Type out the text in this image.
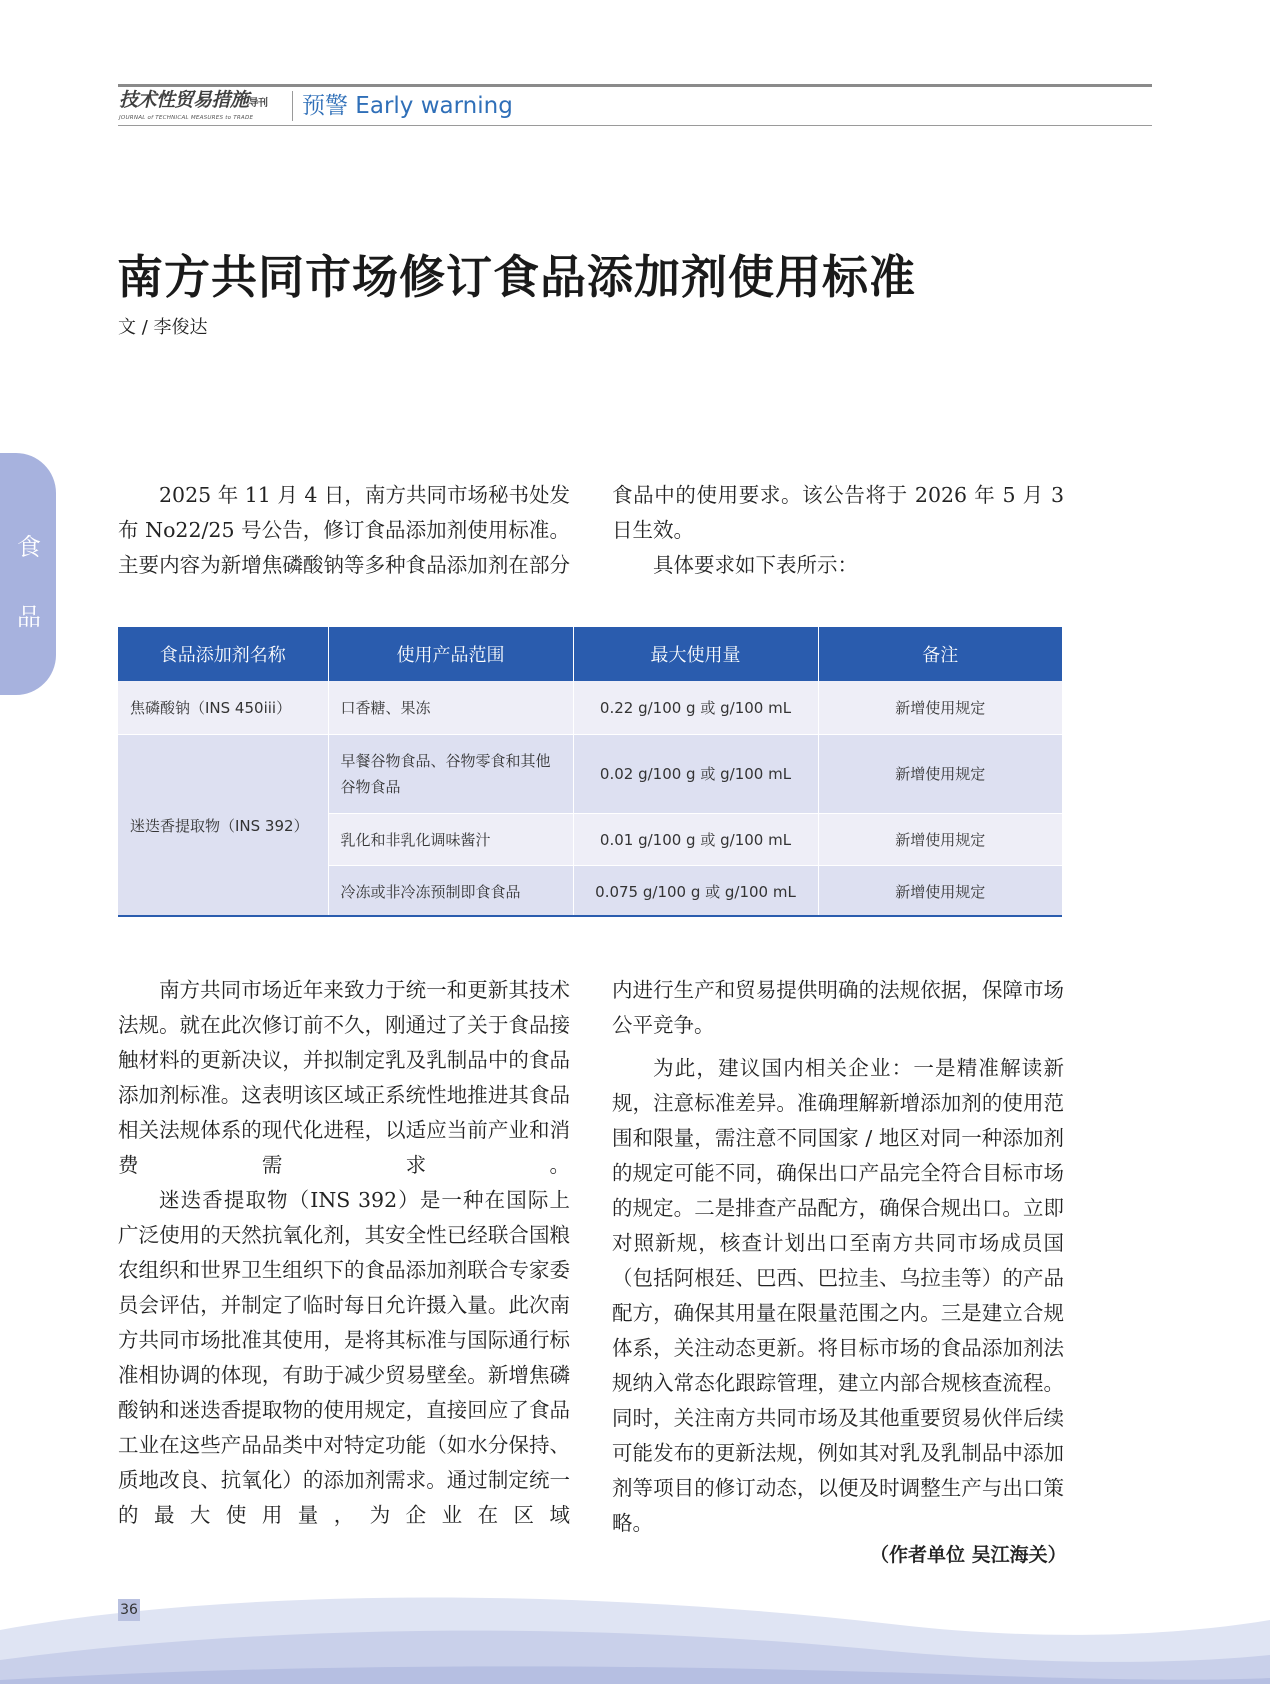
技术性贸易措施导刊
JOURNAL of TECHNICAL MEASURES to TRADE	预警 Early warning
食
品
南方共同市场修订食品添加剂使用标准
文 / 李俊达

2025 年 11 月 4 日，南方共同市场秘书处发布 No22/25 号公告，修订食品添加剂使用标准。主要内容为新增焦磷酸钠等多种食品添加剂在部分

食品中的使用要求。该公告将于 2026 年 5 月 3 日生效。

具体要求如下表所示：

食品添加剂名称	使用产品范围	最大使用量	备注
焦磷酸钠（INS 450iii）	口香糖、果冻	0.22 g/100 g 或 g/100 mL	新增使用规定
迷迭香提取物（INS 392）	早餐谷物食品、谷物零食和其他谷物食品	0.02 g/100 g 或 g/100 mL	新增使用规定
	乳化和非乳化调味酱汁	0.01 g/100 g 或 g/100 mL	新增使用规定
	冷冻或非冷冻预制即食食品	0.075 g/100 g 或 g/100 mL	新增使用规定

南方共同市场近年来致力于统一和更新其技术法规。就在此次修订前不久，刚通过了关于食品接触材料的更新决议，并拟制定乳及乳制品中的食品添加剂标准。这表明该区域正系统性地推进其食品相关法规体系的现代化进程，以适应当前产业和消费需求。

迷迭香提取物（INS 392）是一种在国际上广泛使用的天然抗氧化剂，其安全性已经联合国粮农组织和世界卫生组织下的食品添加剂联合专家委员会评估，并制定了临时每日允许摄入量。此次南方共同市场批准其使用，是将其标准与国际通行标准相协调的体现，有助于减少贸易壁垒。新增焦磷酸钠和迷迭香提取物的使用规定，直接回应了食品工业在这些产品品类中对特定功能（如水分保持、质地改良、抗氧化）的添加剂需求。通过制定统一的最大使用量，为企业在区域

内进行生产和贸易提供明确的法规依据，保障市场公平竞争。

为此，建议国内相关企业：一是精准解读新规，注意标准差异。准确理解新增添加剂的使用范围和限量，需注意不同国家 / 地区对同一种添加剂的规定可能不同，确保出口产品完全符合目标市场的规定。二是排查产品配方，确保合规出口。立即对照新规，核查计划出口至南方共同市场成员国（包括阿根廷、巴西、巴拉圭、乌拉圭等）的产品配方，确保其用量在限量范围之内。三是建立合规体系，关注动态更新。将目标市场的食品添加剂法规纳入常态化跟踪管理，建立内部合规核查流程。同时，关注南方共同市场及其他重要贸易伙伴后续可能发布的更新法规，例如其对乳及乳制品中添加剂等项目的修订动态，以便及时调整生产与出口策略。

（作者单位 吴江海关）
36
